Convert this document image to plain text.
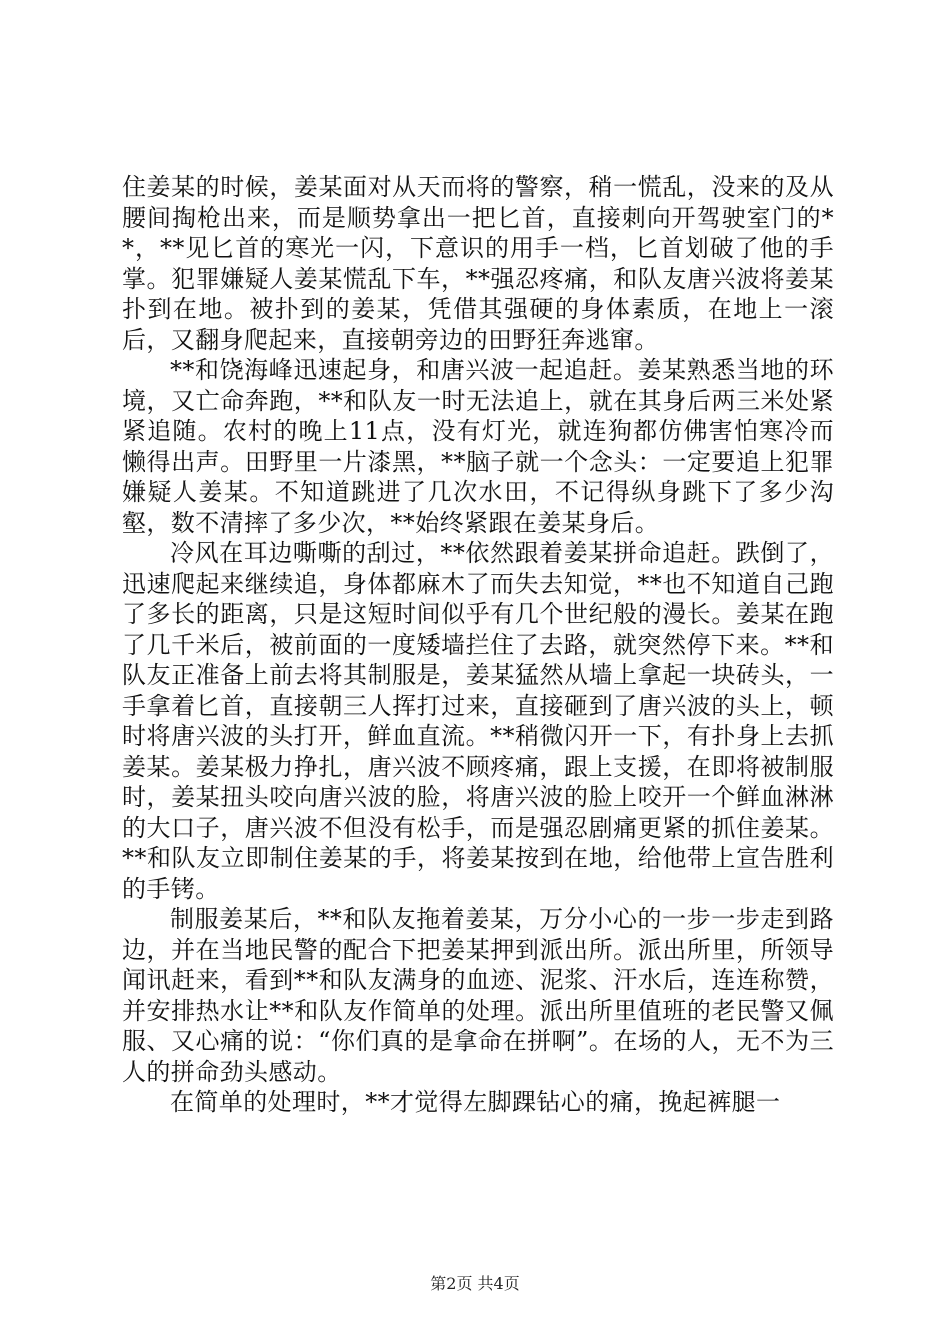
住姜某的时候，姜某面对从天而将的警察，稍一慌乱，没来的及从腰间掏枪出来，而是顺势拿出一把匕首，直接刺向开驾驶室门的**，**见匕首的寒光一闪，下意识的用手一档，匕首划破了他的手掌。犯罪嫌疑人姜某慌乱下车，**强忍疼痛，和队友唐兴波将姜某扑到在地。被扑到的姜某，凭借其强硬的身体素质，在地上一滚后，又翻身爬起来，直接朝旁边的田野狂奔逃窜。

**和饶海峰迅速起身，和唐兴波一起追赶。姜某熟悉当地的环境，又亡命奔跑，**和队友一时无法追上，就在其身后两三米处紧紧追随。农村的晚上11点，没有灯光，就连狗都仿佛害怕寒冷而懒得出声。田野里一片漆黑，**脑子就一个念头：一定要追上犯罪嫌疑人姜某。不知道跳进了几次水田，不记得纵身跳下了多少沟壑，数不清摔了多少次，**始终紧跟在姜某身后。

冷风在耳边嘶嘶的刮过，**依然跟着姜某拼命追赶。跌倒了，迅速爬起来继续追，身体都麻木了而失去知觉，**也不知道自己跑了多长的距离，只是这短时间似乎有几个世纪般的漫长。姜某在跑了几千米后，被前面的一度矮墙拦住了去路，就突然停下来。**和队友正准备上前去将其制服是，姜某猛然从墙上拿起一块砖头，一手拿着匕首，直接朝三人挥打过来，直接砸到了唐兴波的头上，顿时将唐兴波的头打开，鲜血直流。**稍微闪开一下，有扑身上去抓姜某。姜某极力挣扎，唐兴波不顾疼痛，跟上支援，在即将被制服时，姜某扭头咬向唐兴波的脸，将唐兴波的脸上咬开一个鲜血淋淋的大口子，唐兴波不但没有松手，而是强忍剧痛更紧的抓住姜某。**和队友立即制住姜某的手，将姜某按到在地，给他带上宣告胜利的手铐。

制服姜某后，**和队友拖着姜某，万分小心的一步一步走到路边，并在当地民警的配合下把姜某押到派出所。派出所里，所领导闻讯赶来，看到**和队友满身的血迹、泥浆、汗水后，连连称赞，并安排热水让**和队友作简单的处理。派出所里值班的老民警又佩服、又心痛的说：“你们真的是拿命在拼啊”。在场的人，无不为三人的拼命劲头感动。

在简单的处理时，**才觉得左脚踝钻心的痛，挽起裤腿一

第2页 共4页
